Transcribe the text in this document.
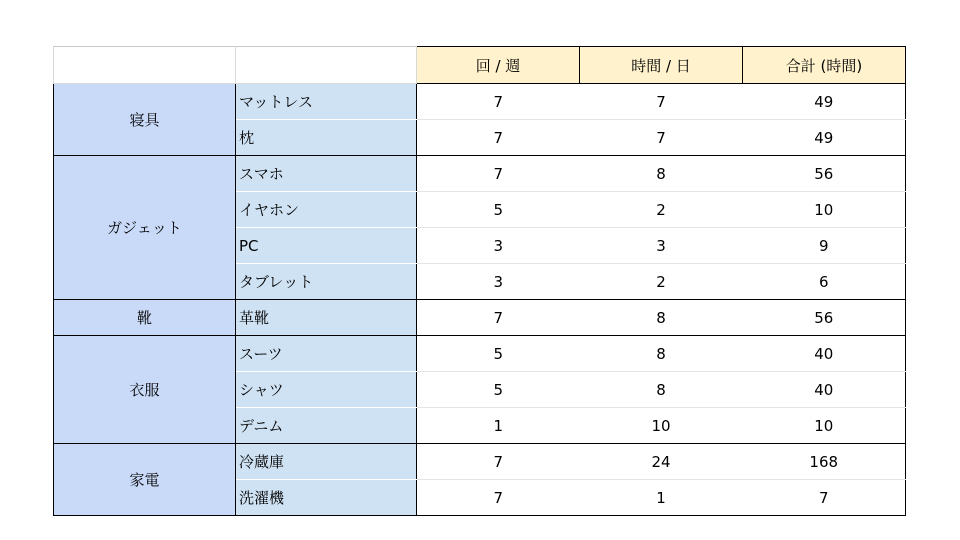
		回 / 週	時間 / 日	合計 (時間)
寝具	マットレス	7	7	49
	枕	7	7	49
ガジェット	スマホ	7	8	56
	イヤホン	5	2	10
	PC	3	3	9
	タブレット	3	2	6
靴	革靴	7	8	56
衣服	スーツ	5	8	40
	シャツ	5	8	40
	デニム	1	10	10
家電	冷蔵庫	7	24	168
	洗濯機	7	1	7
